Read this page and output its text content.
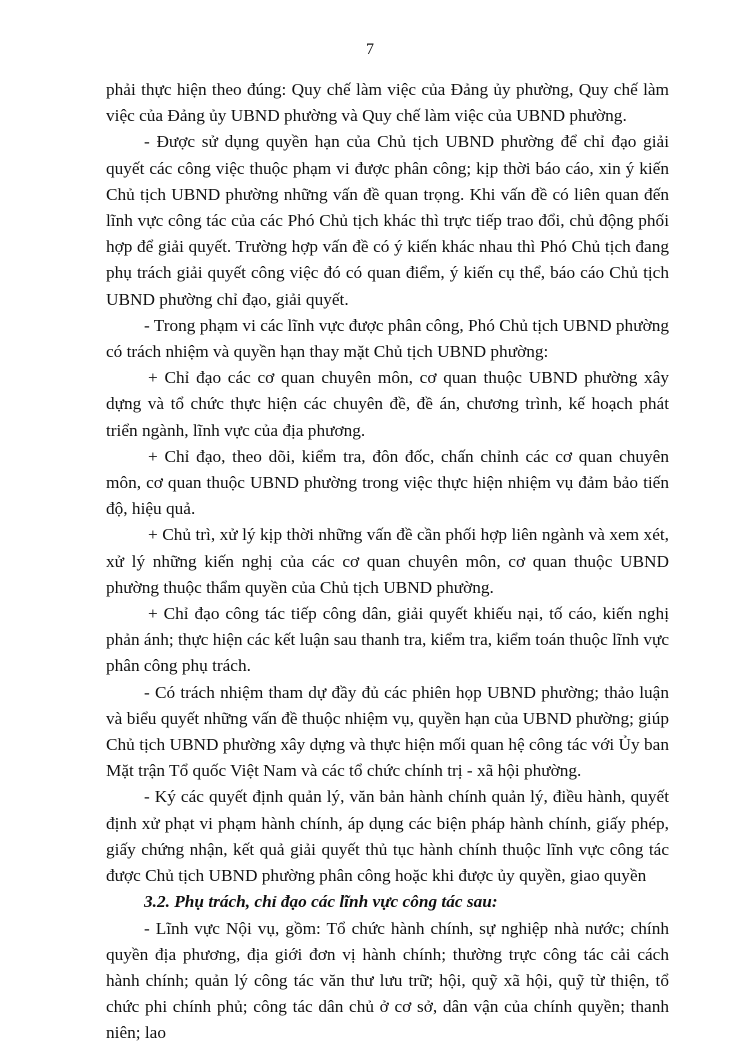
7

phải thực hiện theo đúng: Quy chế làm việc của Đảng ủy phường, Quy chế làm việc của Đảng ủy UBND phường và Quy chế làm việc của UBND phường.

- Được sử dụng quyền hạn của Chủ tịch UBND phường để chỉ đạo giải quyết các công việc thuộc phạm vi được phân công; kịp thời báo cáo, xin ý kiến Chủ tịch UBND phường những vấn đề quan trọng. Khi vấn đề có liên quan đến lĩnh vực công tác của các Phó Chủ tịch khác thì trực tiếp trao đổi, chủ động phối hợp để giải quyết. Trường hợp vấn đề có ý kiến khác nhau thì Phó Chủ tịch đang phụ trách giải quyết công việc đó có quan điểm, ý kiến cụ thể, báo cáo Chủ tịch UBND phường chỉ đạo, giải quyết.

- Trong phạm vi các lĩnh vực được phân công, Phó Chủ tịch UBND phường có trách nhiệm và quyền hạn thay mặt Chủ tịch UBND phường:

+ Chỉ đạo các cơ quan chuyên môn, cơ quan thuộc UBND phường xây dựng và tổ chức thực hiện các chuyên đề, đề án, chương trình, kế hoạch phát triển ngành, lĩnh vực của địa phương.

+ Chỉ đạo, theo dõi, kiểm tra, đôn đốc, chấn chỉnh các cơ quan chuyên môn, cơ quan thuộc UBND phường trong việc thực hiện nhiệm vụ đảm bảo tiến độ, hiệu quả.

+ Chủ trì, xử lý kịp thời những vấn đề cần phối hợp liên ngành và xem xét, xử lý những kiến nghị của các cơ quan chuyên môn, cơ quan thuộc UBND phường thuộc thẩm quyền của Chủ tịch UBND phường.

+ Chỉ đạo công tác tiếp công dân, giải quyết khiếu nại, tố cáo, kiến nghị phản ánh; thực hiện các kết luận sau thanh tra, kiểm tra, kiểm toán thuộc lĩnh vực phân công phụ trách.

- Có trách nhiệm tham dự đầy đủ các phiên họp UBND phường; thảo luận và biểu quyết những vấn đề thuộc nhiệm vụ, quyền hạn của UBND phường; giúp Chủ tịch UBND phường xây dựng và thực hiện mối quan hệ công tác với Ủy ban Mặt trận Tổ quốc Việt Nam và các tổ chức chính trị - xã hội phường.

- Ký các quyết định quản lý, văn bản hành chính quản lý, điều hành, quyết định xử phạt vi phạm hành chính, áp dụng các biện pháp hành chính, giấy phép, giấy chứng nhận, kết quả giải quyết thủ tục hành chính thuộc lĩnh vực công tác được Chủ tịch UBND phường phân công hoặc khi được ủy quyền, giao quyền

3.2. Phụ trách, chỉ đạo các lĩnh vực công tác sau:

- Lĩnh vực Nội vụ, gồm: Tổ chức hành chính, sự nghiệp nhà nước; chính quyền địa phương, địa giới đơn vị hành chính; thường trực công tác cải cách hành chính; quản lý công tác văn thư lưu trữ; hội, quỹ xã hội, quỹ từ thiện, tổ chức phi chính phủ; công tác dân chủ ở cơ sở, dân vận của chính quyền; thanh niên; lao
